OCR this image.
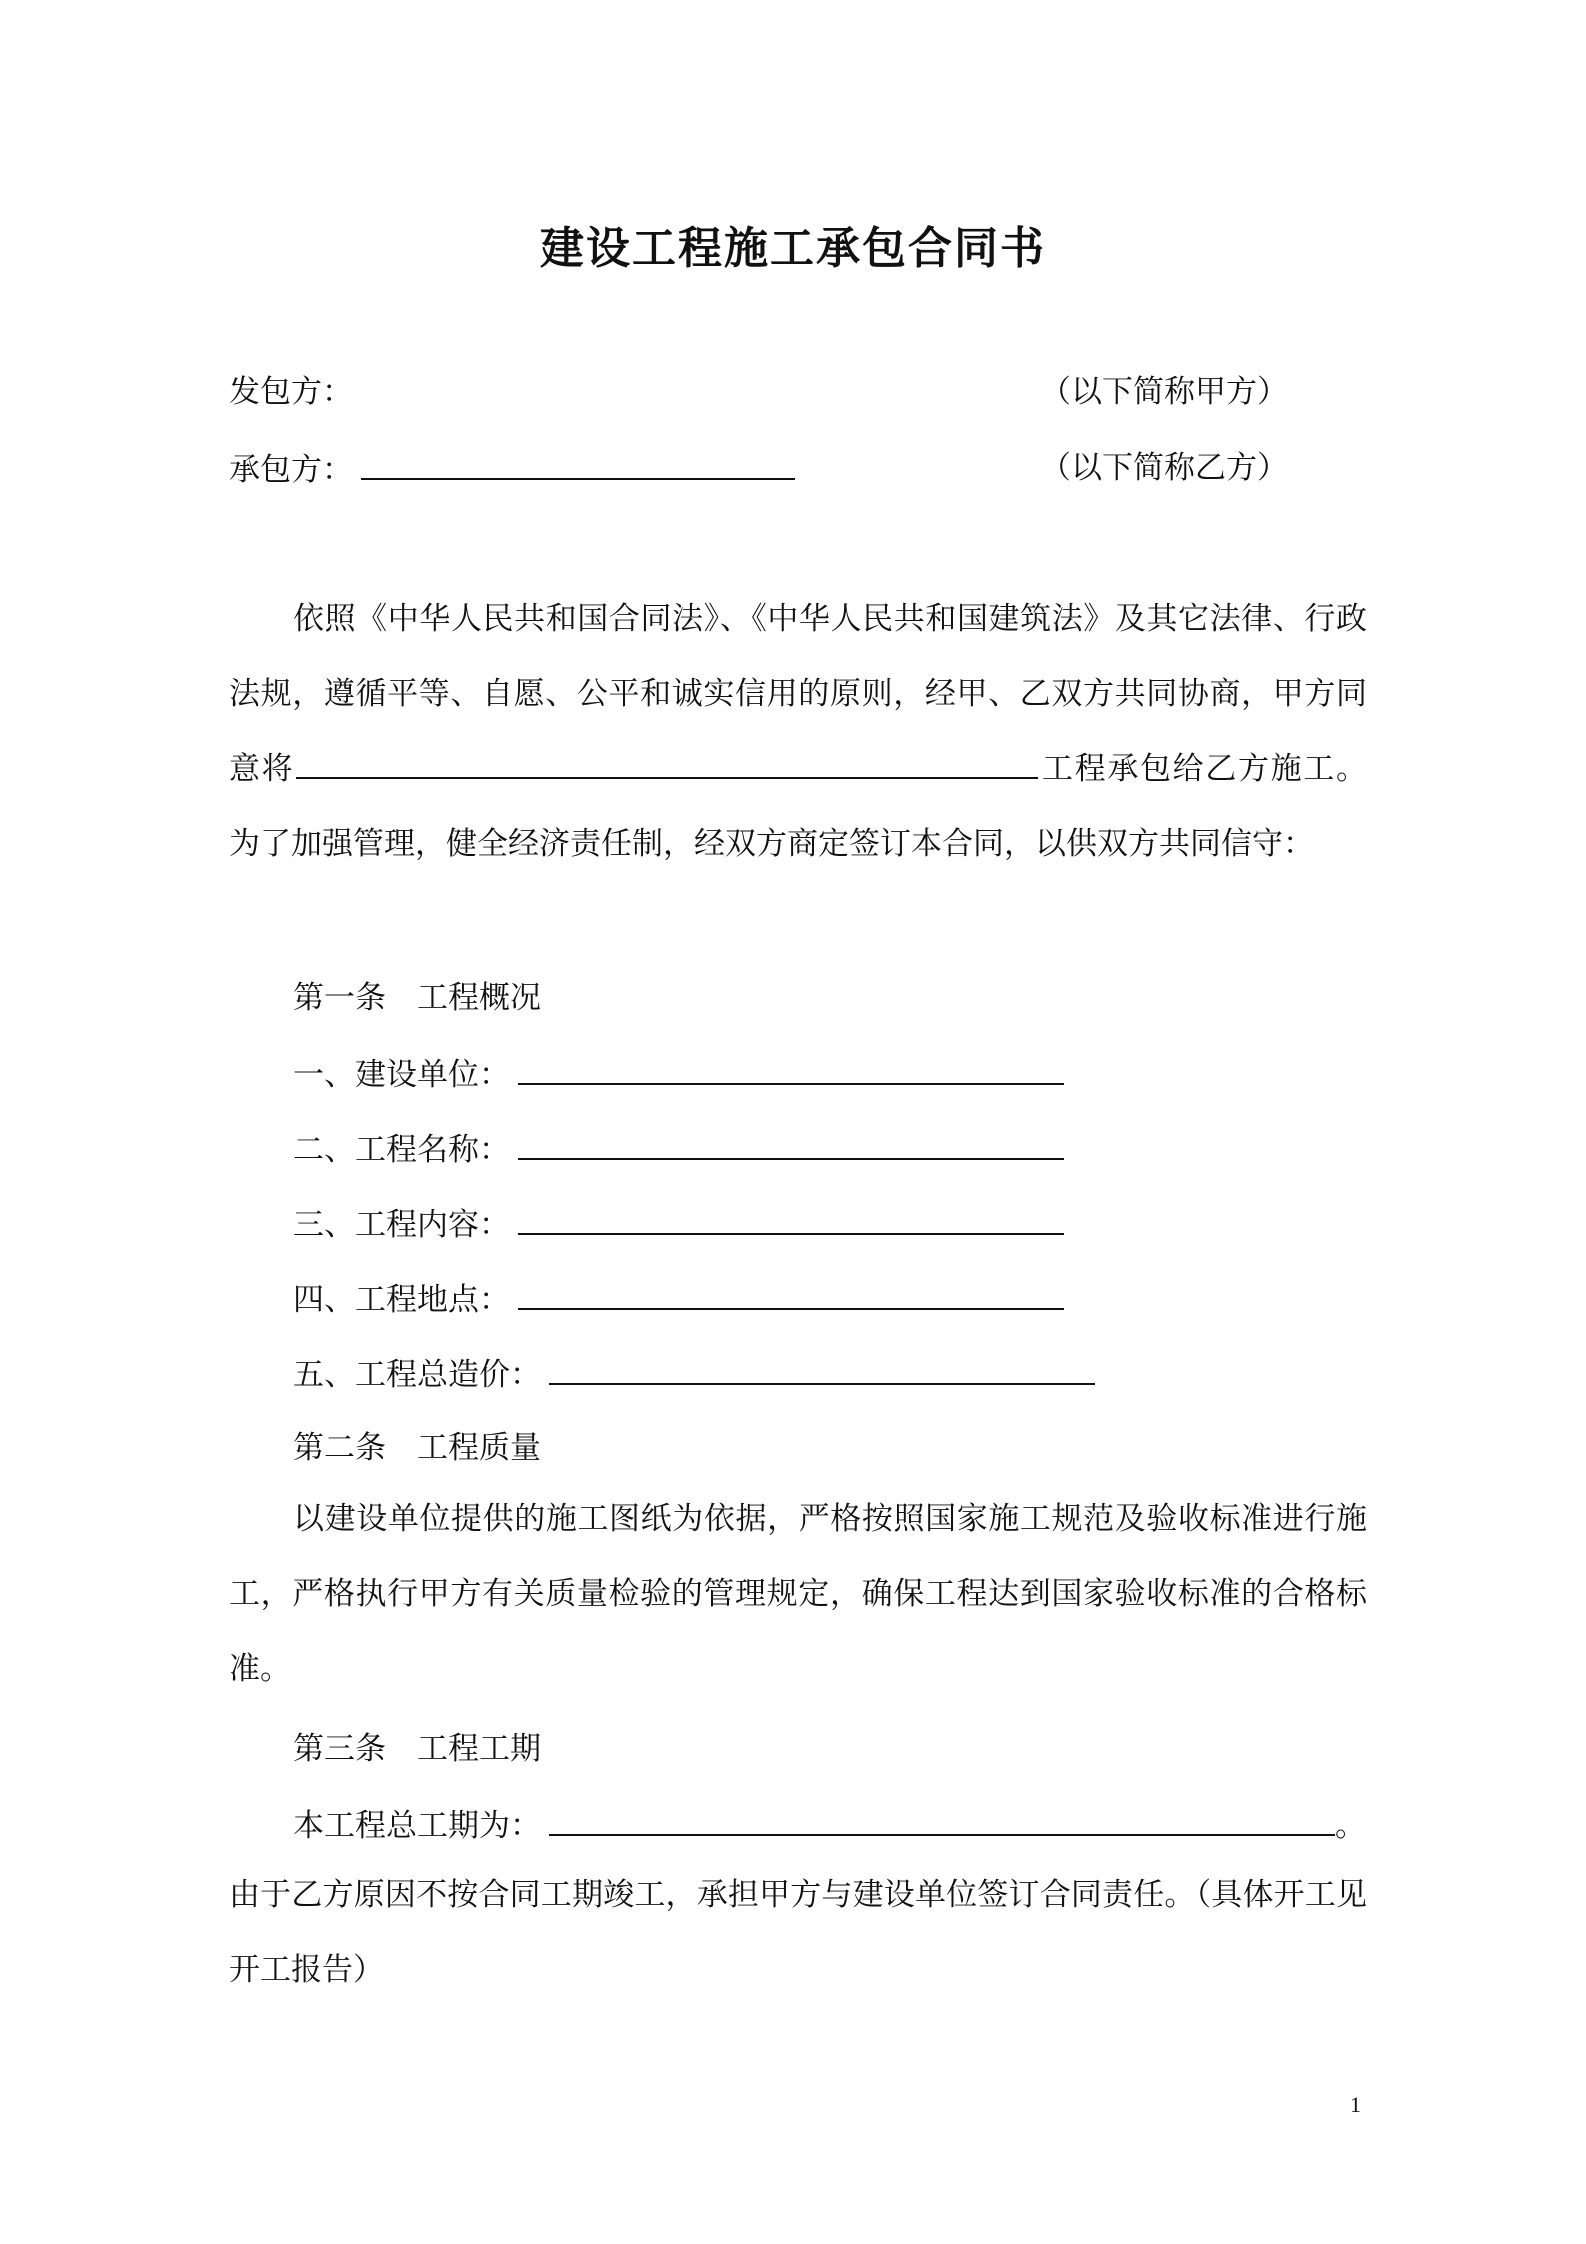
建设工程施工承包合同书
发包方：	（以下简称甲方）
承包方：	（以下简称乙方）
依照《中华人民共和国合同法》、《中华人民共和国建筑法》及其它法律、行政法规，遵循平等、自愿、公平和诚实信用的原则，经甲、乙双方共同协商，甲方同意将	工程承包给乙方施工。为了加强管理，健全经济责任制，经双方商定签订本合同，以供双方共同信守：
第一条　工程概况
一、建设单位：
二、工程名称：
三、工程内容：
四、工程地点：
五、工程总造价：
第二条　工程质量
以建设单位提供的施工图纸为依据，严格按照国家施工规范及验收标准进行施工，严格执行甲方有关质量检验的管理规定，确保工程达到国家验收标准的合格标准。
第三条　工程工期
本工程总工期为：	。
由于乙方原因不按合同工期竣工，承担甲方与建设单位签订合同责任。（具体开工见开工报告）
1
